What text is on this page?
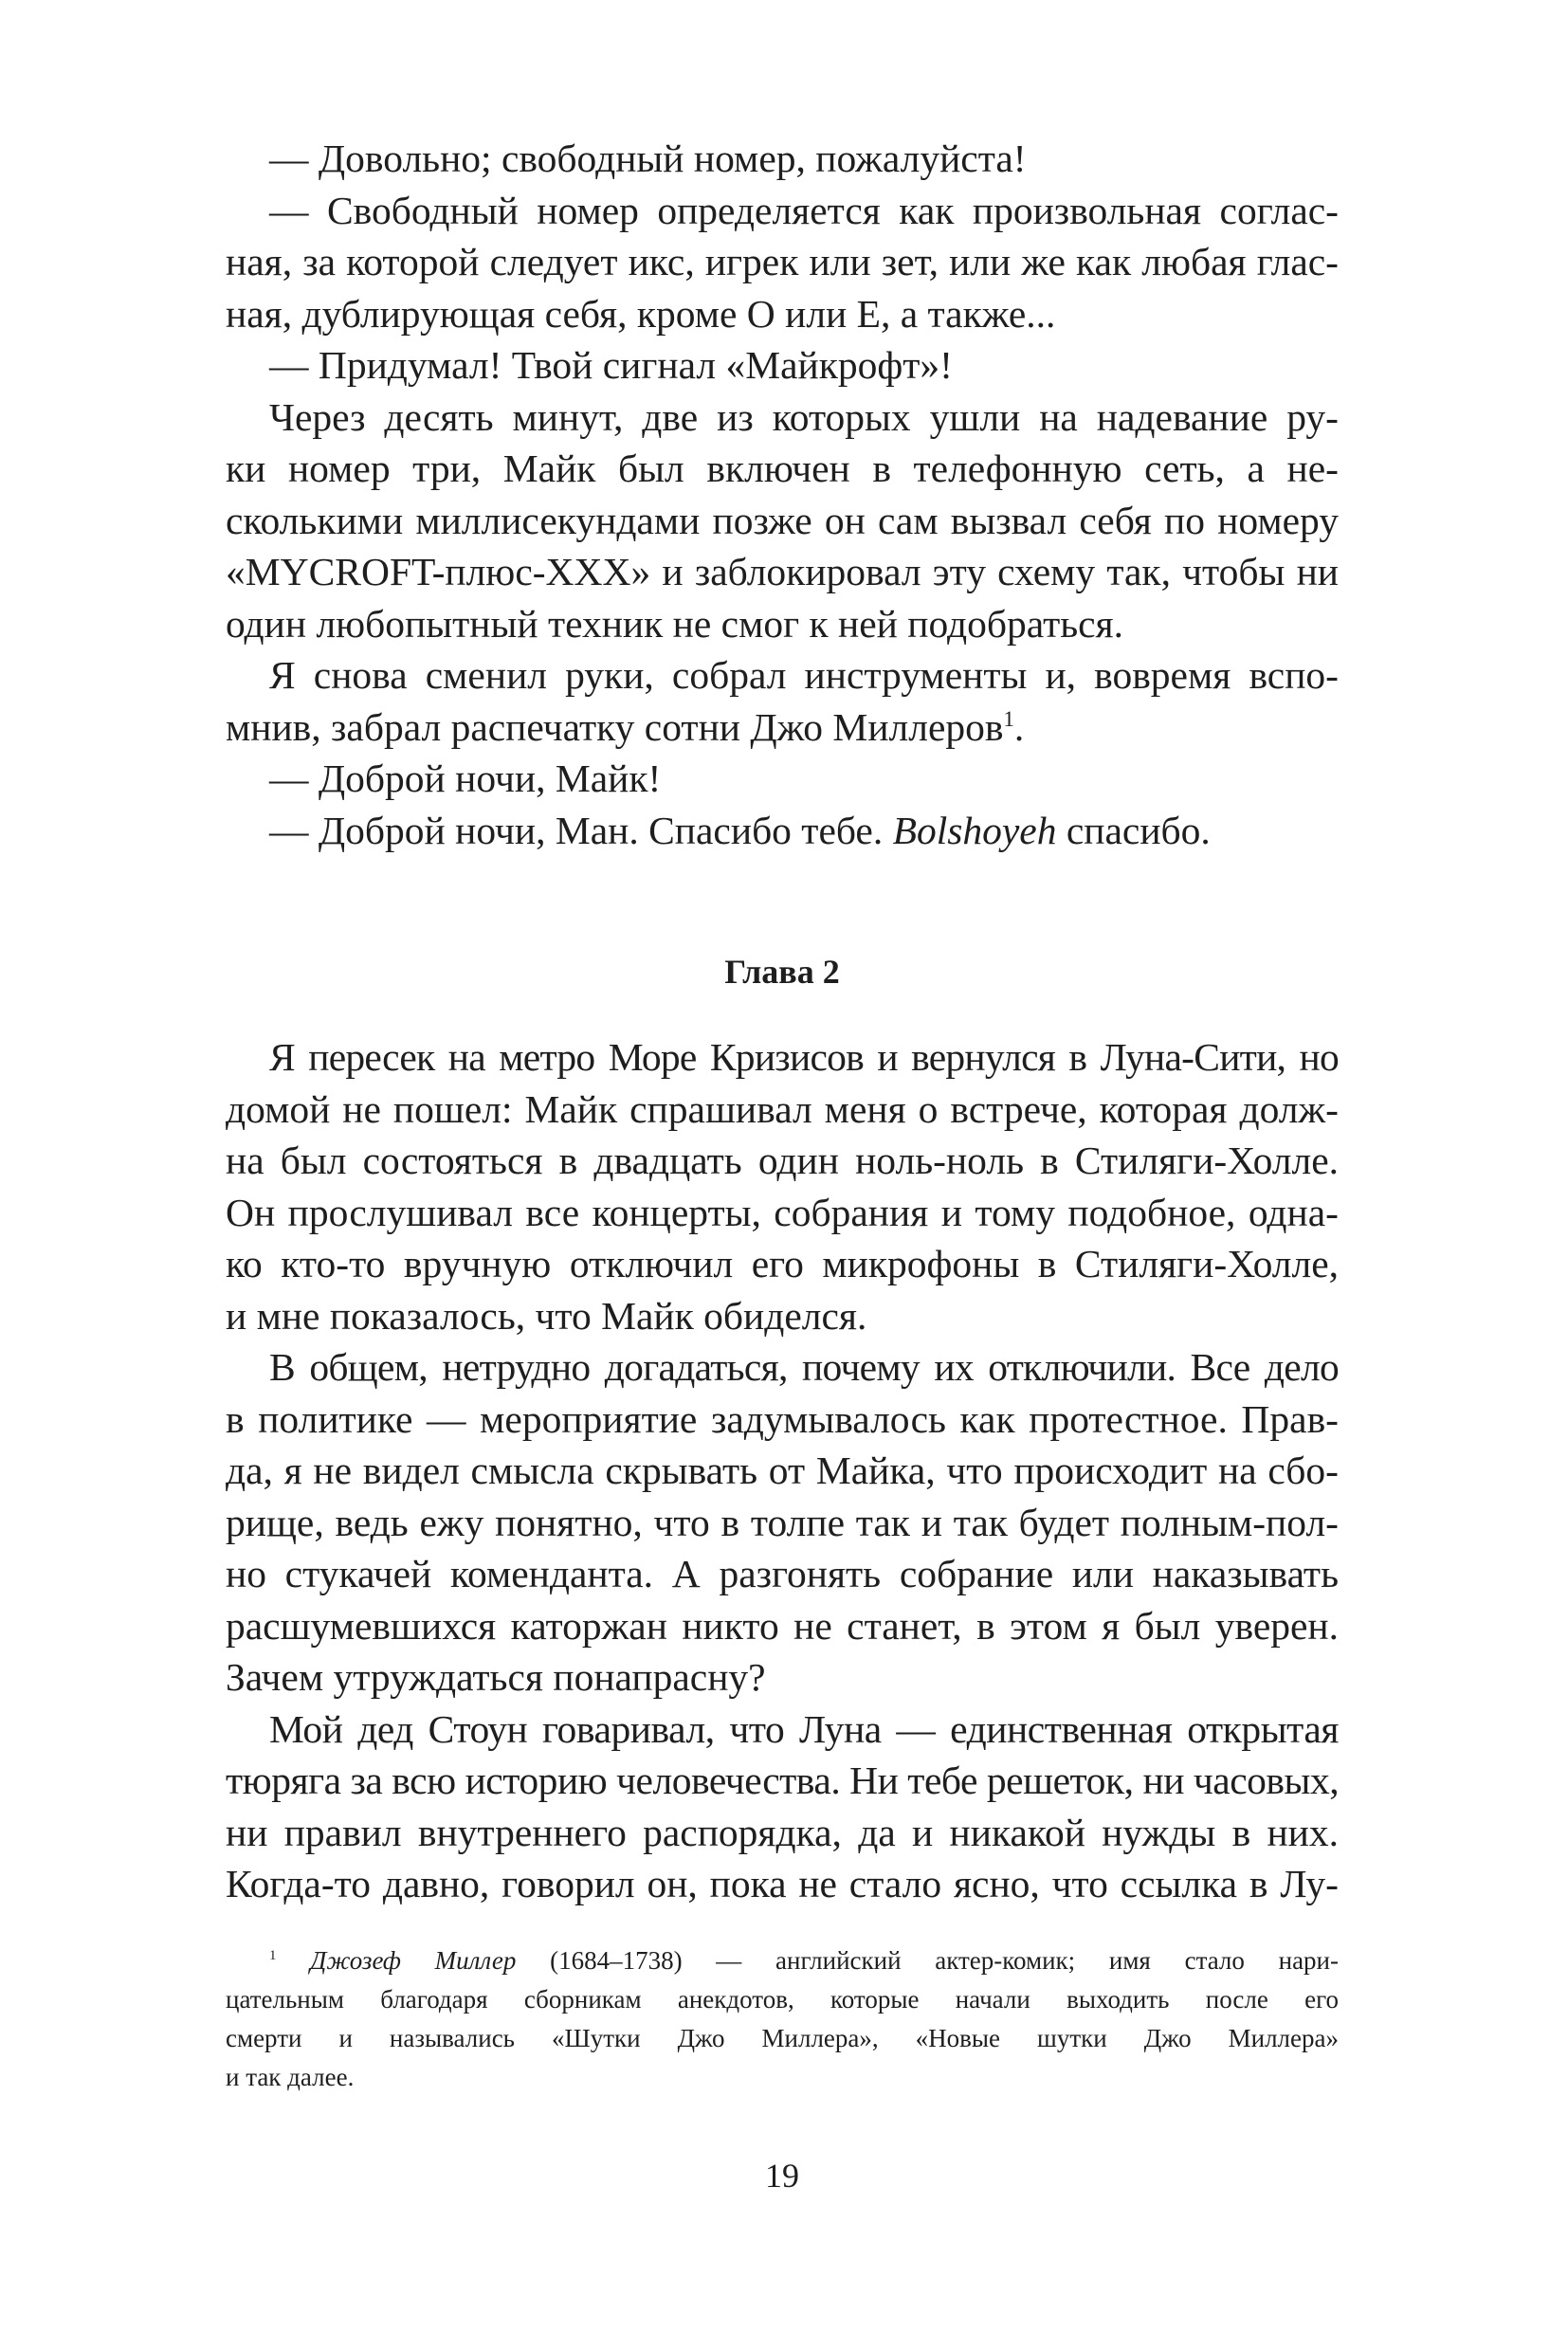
— Довольно; свободный номер, пожалуйста!

— Свободный номер определяется как произвольная соглас-

ная, за которой следует икс, игрек или зет, или же как любая глас-
ная, дублирующая себя, кроме O или E, а также...

— Придумал! Твой сигнал «Майкрофт»!

Через десять минут, две из которых ушли на надевание ру-

ки номер три, Майк был включен в телефонную сеть, а не-
сколькими миллисекундами позже он сам вызвал себя по номеру
«MYCROFT-плюс-XXX» и заблокировал эту схему так, чтобы ни
один любопытный техник не смог к ней подобраться.

Я снова сменил руки, собрал инструменты и, вовремя вспо-

мнив, забрал распечатку сотни Джо Миллеров$^1$.

— Доброй ночи, Майк!

— Доброй ночи, Ман. Спасибо тебе. Bolshoyeh спасибо.

Глава 2

Я пересек на метро Море Кризисов и вернулся в Луна-Сити, но

домой не пошел: Майк спрашивал меня о встрече, которая долж-
на был состояться в двадцать один ноль-ноль в Стиляги-Холле.
Он прослушивал все концерты, собрания и тому подобное, одна-
ко кто-то вручную отключил его микрофоны в Стиляги-Холле,
и мне показалось, что Майк обиделся.

В общем, нетрудно догадаться, почему их отключили. Все дело

в политике — мероприятие задумывалось как протестное. Прав-
да, я не видел смысла скрывать от Майка, что происходит на сбо-
рище, ведь ежу понятно, что в толпе так и так будет полным-пол-
но стукачей коменданта. А разгонять собрание или наказывать
расшумевшихся каторжан никто не станет, в этом я был уверен.
Зачем утруждаться понапрасну?

Мой дед Стоун говаривал, что Луна — единственная открытая

тюряга за всю историю человечества. Ни тебе решеток, ни часовых,
ни правил внутреннего распорядка, да и никакой нужды в них.
Когда-то давно, говорил он, пока не стало ясно, что ссылка в Лу-

$^1$ Джозеф Миллер (1684–1738) — английский актер-комик; имя стало нари-
цательным благодаря сборникам анекдотов, которые начали выходить после его
смерти и назывались «Шутки Джо Миллера», «Новые шутки Джо Миллера»
и так далее.
19
